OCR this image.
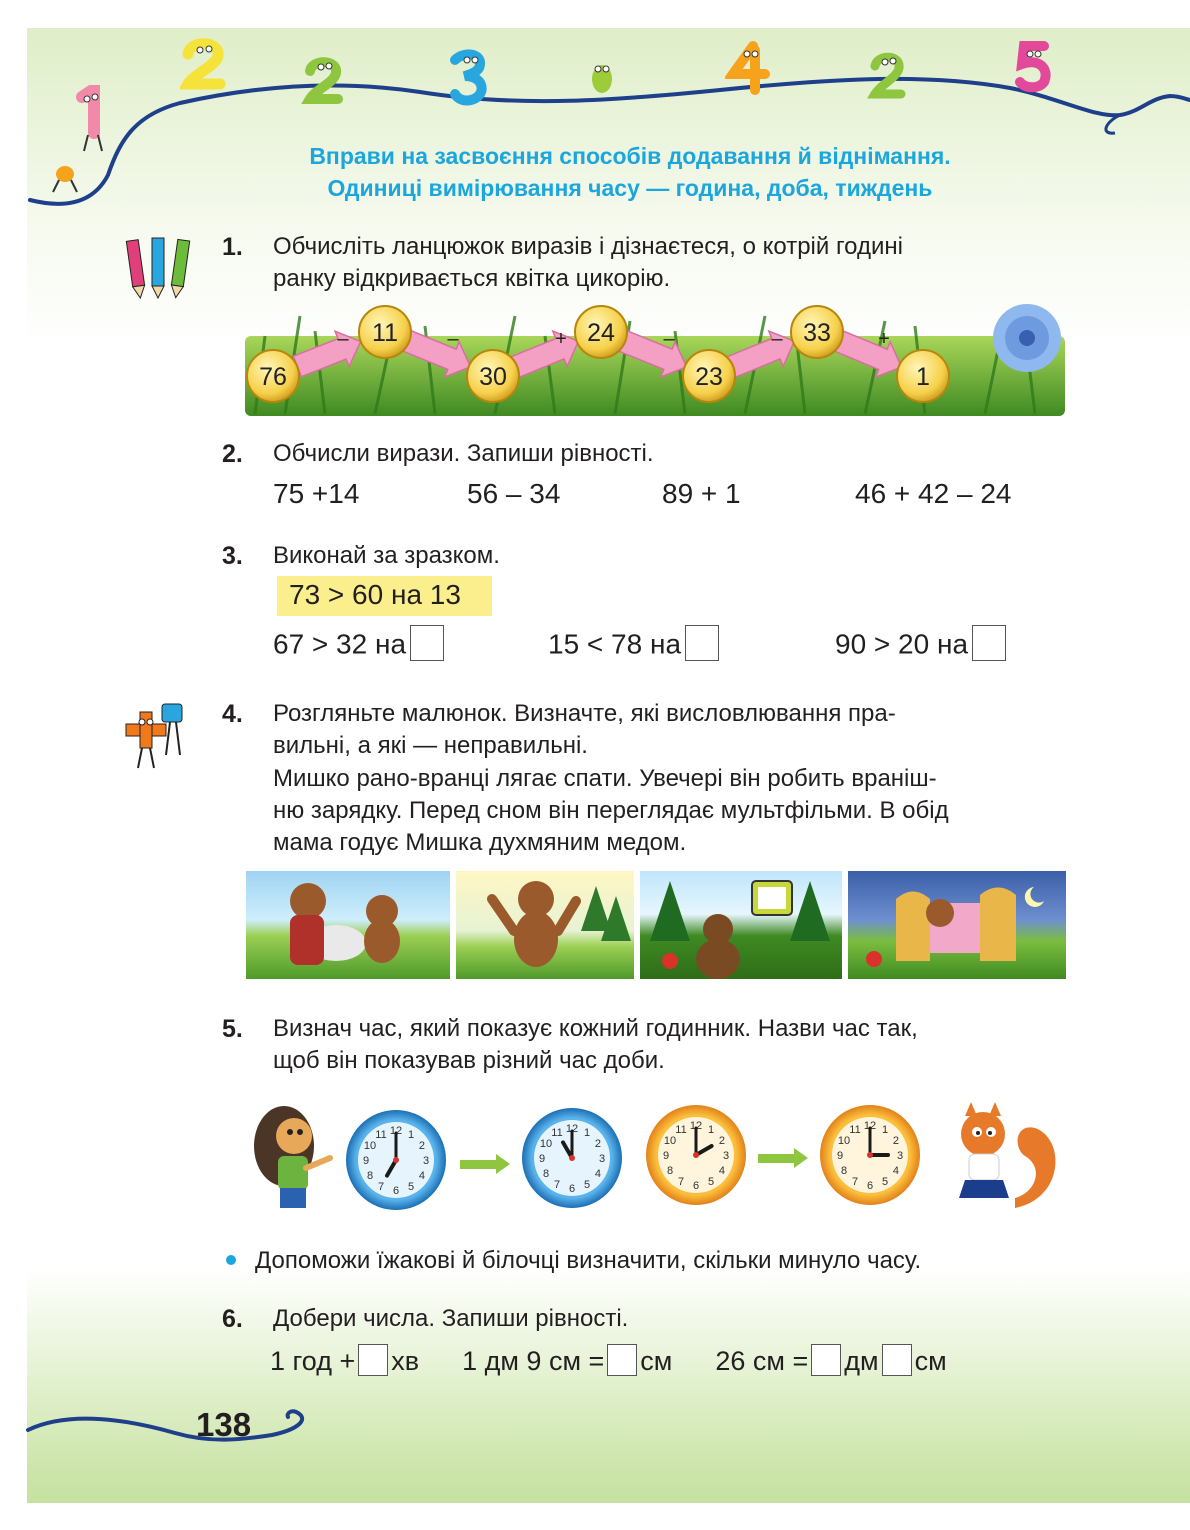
Вправи на засвоєння способів додавання й віднімання.
Одиниці вимірювання часу — година, доба, тиждень
1. Обчисліть ланцюжок виразів і дізнаєтеся, о котрій годині
ранку відкривається квітка цикорію.
–	–	+	–	–	+
76
11
30
24
23
33
1
2. Обчисли вирази. Запиши рівності.
75 +14	56 – 34	89 + 1	46 + 42 – 24
3. Виконай за зразком.
73 > 60 на 13
67 > 32 на	15 < 78 на	90 > 20 на
4. Розгляньте малюнок. Визначте, які висловлювання пра-
вильні, а які — неправильні.
Мишко рано-вранці лягає спати. Увечері він робить враніш-
ню зарядку. Перед сном він переглядає мультфільми. В обід
мама годує Мишка духмяним медом.
5. Визнач час, який показує кожний годинник. Назви час так,
щоб він показував різний час доби.
1
2
3
4
5
6
7
8
9
10
11 12	1
2
3
4
5
6
7
8
9
10
11 12	1
2
3
4
5
6
7
8
9
10
11 12	1
2
3
4
5
6
7
8
9
10
11 12
Допоможи їжакові й білочці визначити, скільки минуло часу.
6. Добери числа. Запиши рівності.
1 год + хв 1 дм 9 см = см 26 см = дм см
138
